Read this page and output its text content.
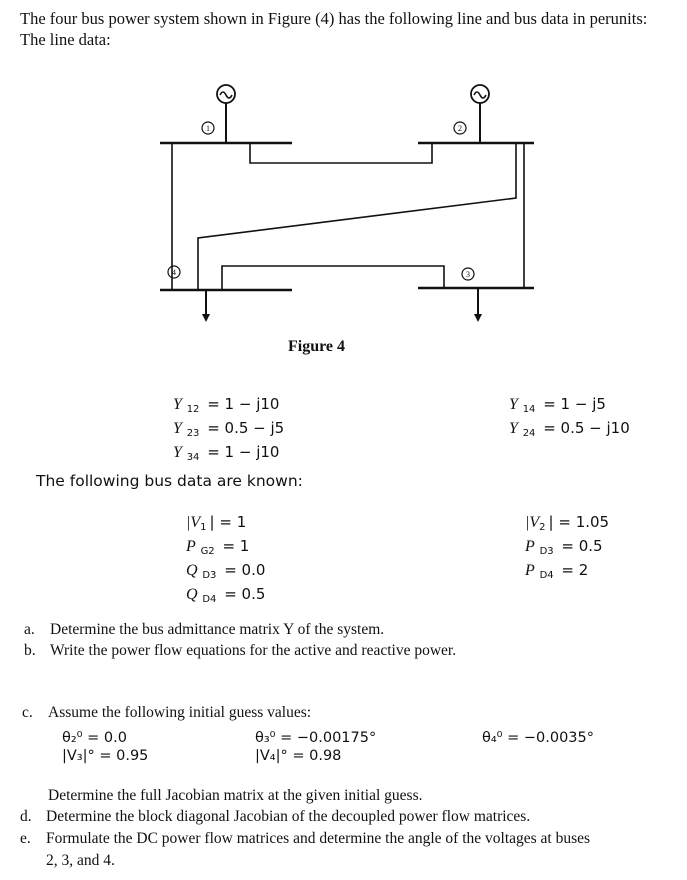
The four bus power system shown in Figure (4) has the following line and bus data in perunits:
The line data:
1	2
3
4
Figure 4
Y $_{12}$ = 1 − j10
Y $_{23}$ = 0.5 − j5
Y $_{34}$ = 1 − j10
Y $_{14}$ = 1 − j5
Y $_{24}$ = 0.5 − j10
The following bus data are known:
$|V_1$ | = 1
P $_{G2}$ = 1
Q $_{D3}$ = 0.0
Q $_{D4}$ = 0.5
$|V_2$ | = 1.05
P $_{D3}$ = 0.5
P $_{D4}$ = 2
a. Determine the bus admittance matrix Y of the system.
b. Write the power flow equations for the active and reactive power.
c. Assume the following initial guess values:
θ₂⁰ = 0.0
|V₃|° = 0.95
θ₃⁰ = −0.00175°
|V₄|° = 0.98
θ₄⁰ = −0.0035°
Determine the full Jacobian matrix at the given initial guess.
d. Determine the block diagonal Jacobian of the decoupled power flow matrices.
e. Formulate the DC power flow matrices and determine the angle of the voltages at buses
2, 3, and 4.
